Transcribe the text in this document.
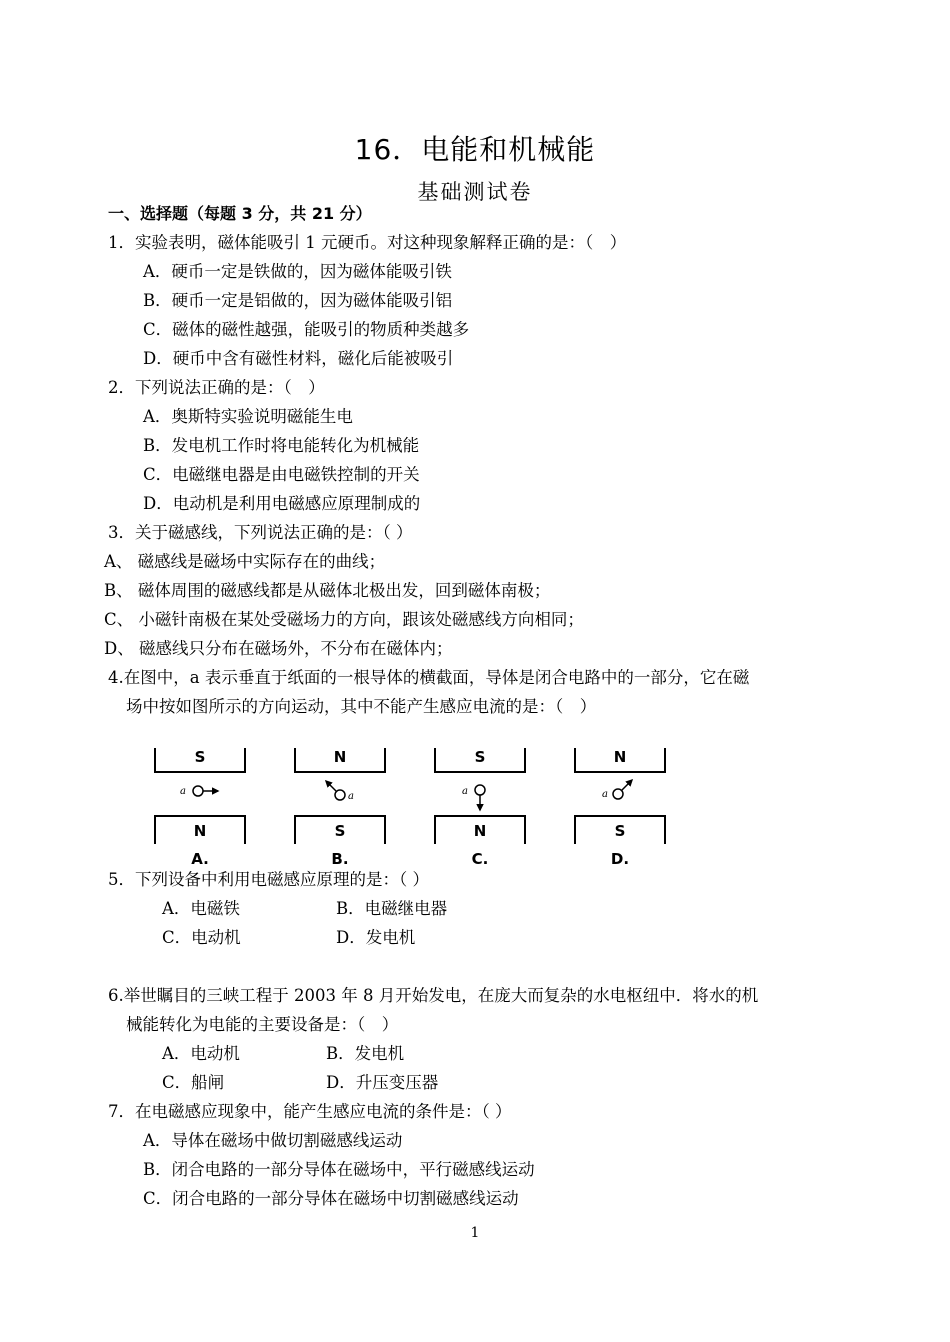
16．电能和机械能
基础测试卷
一、选择题（每题 3 分，共 21 分）
1．实验表明，磁体能吸引 1 元硬币。对这种现象解释正确的是：（　）
A．硬币一定是铁做的，因为磁体能吸引铁
B．硬币一定是铝做的，因为磁体能吸引铝
C．磁体的磁性越强，能吸引的物质种类越多
D．硬币中含有磁性材料，磁化后能被吸引
2．下列说法正确的是：（　）
A．奥斯特实验说明磁能生电
B．发电机工作时将电能转化为机械能
C．电磁继电器是由电磁铁控制的开关
D．电动机是利用电磁感应原理制成的
3．关于磁感线，下列说法正确的是：（ ）
A、 磁感线是磁场中实际存在的曲线；
B、 磁体周围的磁感线都是从磁体北极出发，回到磁体南极；
C、 小磁针南极在某处受磁场力的方向，跟该处磁感线方向相同；
D、 磁感线只分布在磁场外，不分布在磁体内；
4.在图中，a 表示垂直于纸面的一根导体的横截面，导体是闭合电路中的一部分，它在磁
场中按如图所示的方向运动，其中不能产生感应电流的是：（　）
S
a
N
A.
N
a
S
B.
S
a
N
C.
N
a
S
D.
5．下列设备中利用电磁感应原理的是：（ ）
A．电磁铁	B．电磁继电器
C．电动机	D．发电机
6.举世瞩目的三峡工程于 2003 年 8 月开始发电，在庞大而复杂的水电枢纽中．将水的机
械能转化为电能的主要设备是：（　）
A．电动机	B．发电机
C．船闸	D．升压变压器
7．在电磁感应现象中，能产生感应电流的条件是：（ ）
A．导体在磁场中做切割磁感线运动
B．闭合电路的一部分导体在磁场中，平行磁感线运动
C．闭合电路的一部分导体在磁场中切割磁感线运动
1
